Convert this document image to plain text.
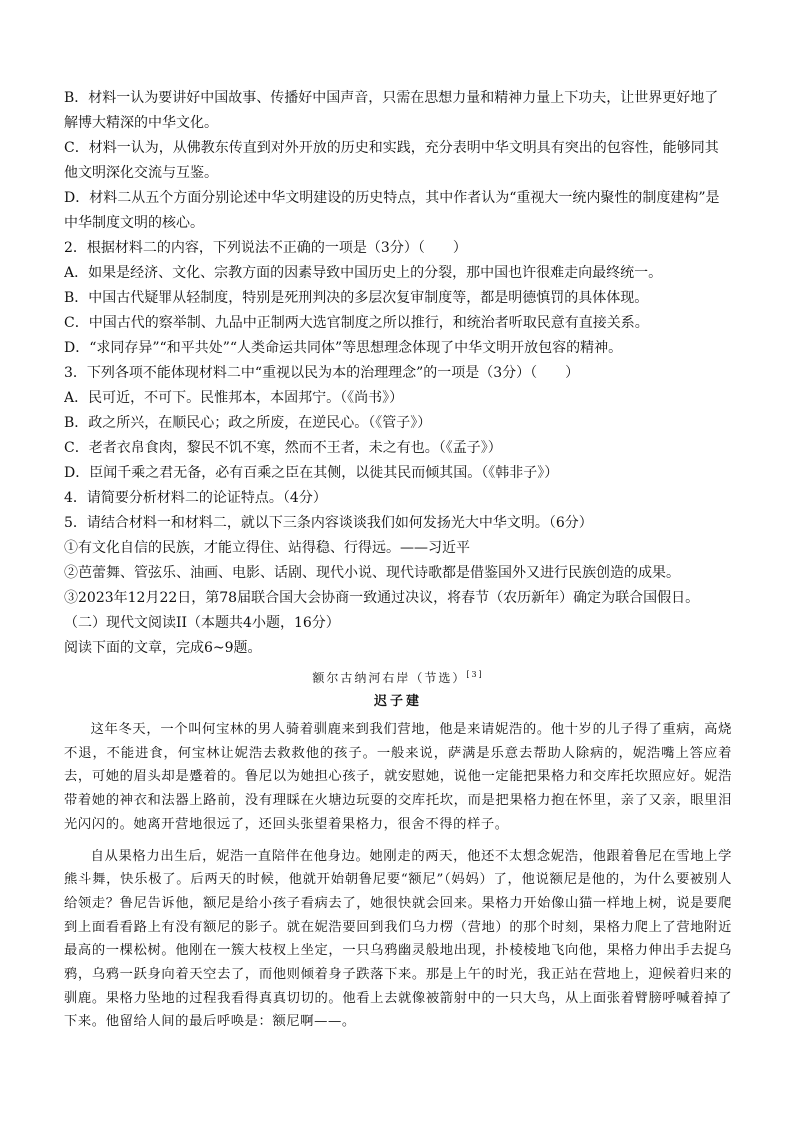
B．材料一认为要讲好中国故事、传播好中国声音，只需在思想力量和精神力量上下功夫，让世界更好地了解博大精深的中华文化。
C．材料一认为，从佛教东传直到对外开放的历史和实践，充分表明中华文明具有突出的包容性，能够同其他文明深化交流与互鉴。
D．材料二从五个方面分别论述中华文明建设的历史特点，其中作者认为“重视大一统内聚性的制度建构”是中华制度文明的核心。
2．根据材料二的内容，下列说法不正确的一项是（3分）（　　）
A．如果是经济、文化、宗教方面的因素导致中国历史上的分裂，那中国也许很难走向最终统一。
B．中国古代疑罪从轻制度，特别是死刑判决的多层次复审制度等，都是明德慎罚的具体体现。
C．中国古代的察举制、九品中正制两大选官制度之所以推行，和统治者听取民意有直接关系。
D．“求同存异”“和平共处”“人类命运共同体”等思想理念体现了中华文明开放包容的精神。
3．下列各项不能体现材料二中“重视以民为本的治理理念”的一项是（3分）（　　）
A．民可近，不可下。民惟邦本，本固邦宁。（《尚书》）
B．政之所兴，在顺民心；政之所废，在逆民心。（《管子》）
C．老者衣帛食肉，黎民不饥不寒，然而不王者，未之有也。（《孟子》）
D．臣闻千乘之君无备，必有百乘之臣在其侧，以徙其民而倾其国。（《韩非子》）
4．请简要分析材料二的论证特点。（4分）
5．请结合材料一和材料二，就以下三条内容谈谈我们如何发扬光大中华文明。（6分）
①有文化自信的民族，才能立得住、站得稳、行得远。——习近平
②芭蕾舞、管弦乐、油画、电影、话剧、现代小说、现代诗歌都是借鉴国外又进行民族创造的成果。
③2023年12月22日，第78届联合国大会协商一致通过决议，将春节（农历新年）确定为联合国假日。
（二）现代文阅读II（本题共4小题，16分）
阅读下面的文章，完成6~9题。
额尔古纳河右岸（节选）[3]
迟子建

这年冬天，一个叫何宝林的男人骑着驯鹿来到我们营地，他是来请妮浩的。他十岁的儿子得了重病，高烧不退，不能进食，何宝林让妮浩去救救他的孩子。一般来说，萨满是乐意去帮助人除病的，妮浩嘴上答应着去，可她的眉头却是蹙着的。鲁尼以为她担心孩子，就安慰她，说他一定能把果格力和交库托坎照应好。妮浩带着她的神衣和法器上路前，没有理睬在火塘边玩耍的交库托坎，而是把果格力抱在怀里，亲了又亲，眼里泪光闪闪的。她离开营地很远了，还回头张望着果格力，很舍不得的样子。

自从果格力出生后，妮浩一直陪伴在他身边。她刚走的两天，他还不太想念妮浩，他跟着鲁尼在雪地上学熊斗舞，快乐极了。后两天的时候，他就开始朝鲁尼要“额尼”（妈妈）了，他说额尼是他的，为什么要被别人给领走？鲁尼告诉他，额尼是给小孩子看病去了，她很快就会回来。果格力开始像山猫一样地上树，说是要爬到上面看看路上有没有额尼的影子。就在妮浩要回到我们乌力楞（营地）的那个时刻，果格力爬上了营地附近最高的一棵松树。他刚在一簇大枝杈上坐定，一只乌鸦幽灵般地出现，扑棱棱地飞向他，果格力伸出手去捉乌鸦，乌鸦一跃身向着天空去了，而他则倾着身子跌落下来。那是上午的时光，我正站在营地上，迎候着归来的驯鹿。果格力坠地的过程我看得真真切切的。他看上去就像被箭射中的一只大鸟，从上面张着臂膀呼喊着掉了下来。他留给人间的最后呼唤是：额尼啊——。
